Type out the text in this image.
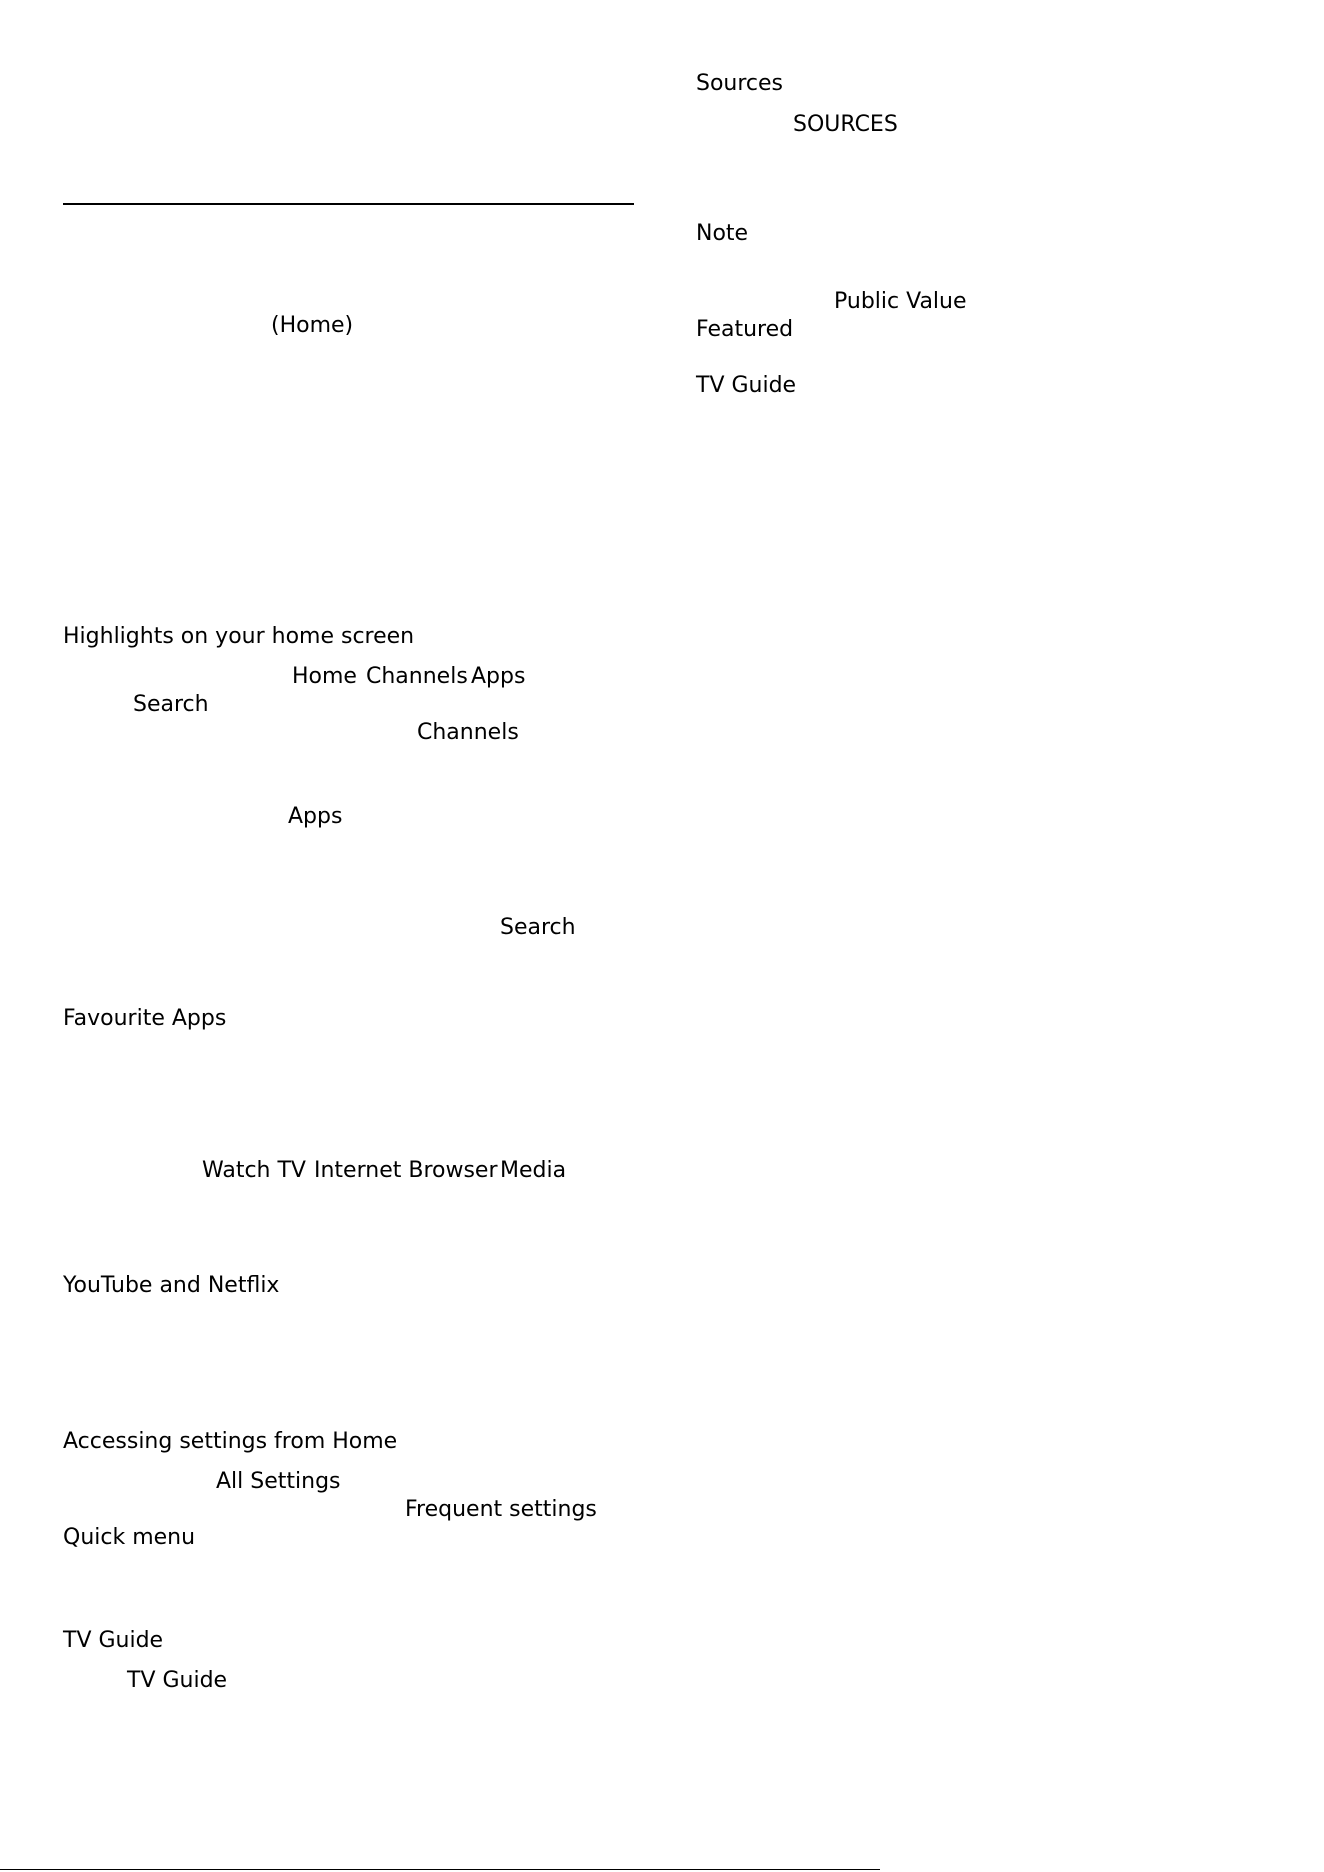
Sources
SOURCES
Note
Public Value
Featured
TV Guide
(Home)
Highlights on your home screen
Home Channels Apps
Search
Channels
Apps
Search
Favourite Apps
Watch TV Internet Browser Media
YouTube and Netflix
Accessing settings from Home
All Settings
Frequent settings
Quick menu
TV Guide
TV Guide
